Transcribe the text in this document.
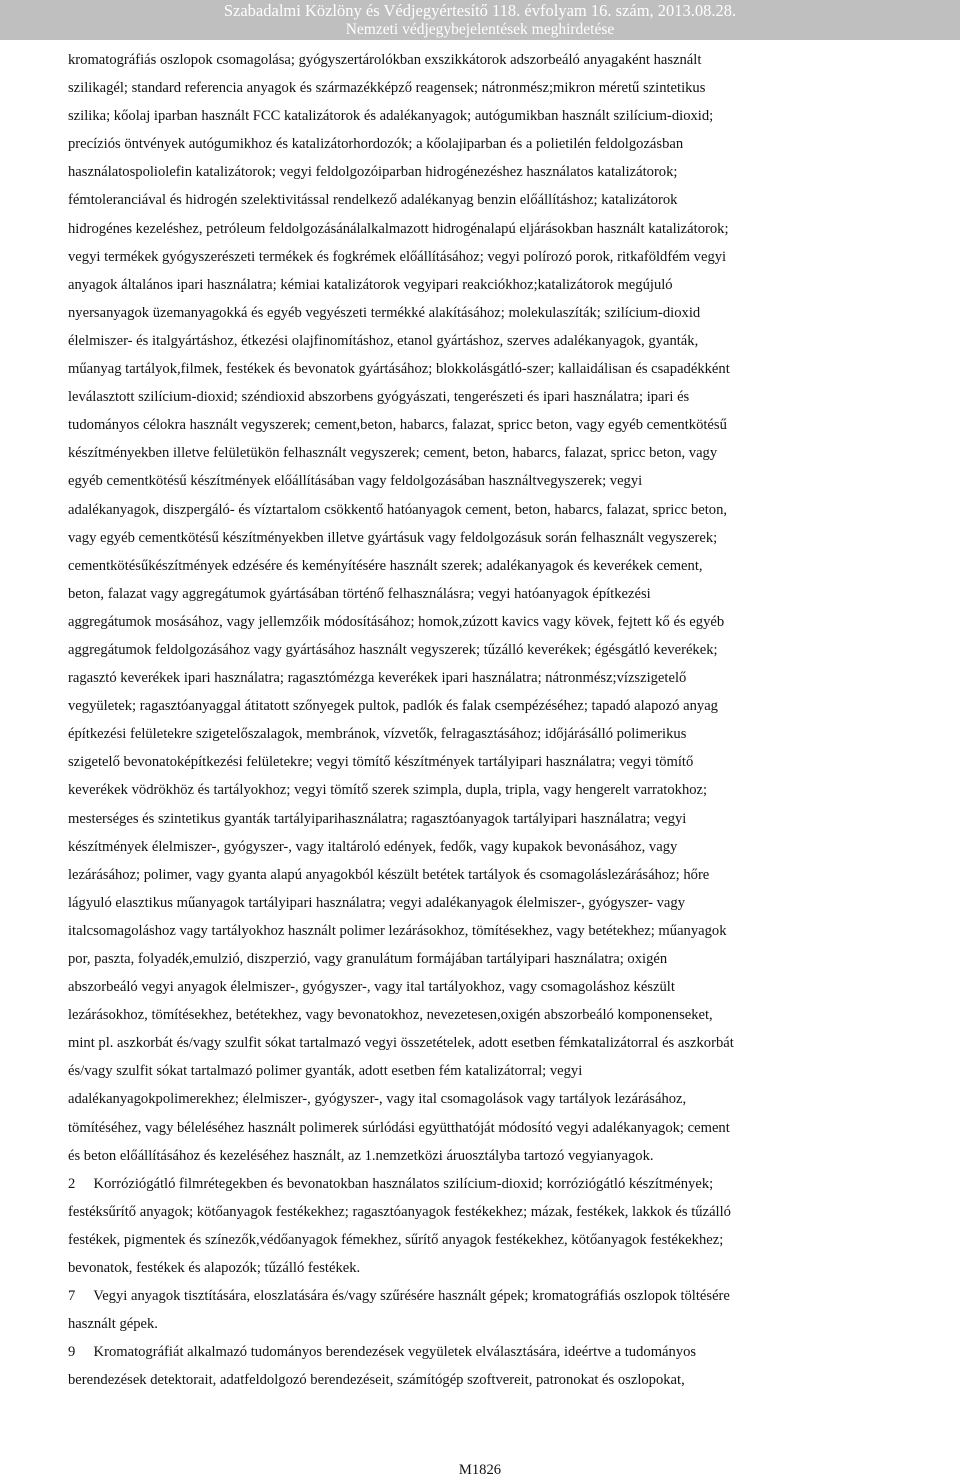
Szabadalmi Közlöny és Védjegyértesítő 118. évfolyam 16. szám, 2013.08.28.
Nemzeti védjegybejelentések meghirdetése
kromatográfiás oszlopok csomagolása; gyógyszertárolókban exszikkátorok adszorbeáló anyagaként használt
szilikagél; standard referencia anyagok és származékképző reagensek; nátronmész;mikron méretű szintetikus
szilika; kőolaj iparban használt FCC katalizátorok és adalékanyagok; autógumikban használt szilícium-dioxid;
precíziós öntvények autógumikhoz és katalizátorhordozók; a kőolajiparban és a polietilén feldolgozásban
használatospoliolefin katalizátorok; vegyi feldolgozóiparban hidrogénezéshez használatos katalizátorok;
fémtoleranciával és hidrogén szelektivitással rendelkező adalékanyag benzin előállításhoz; katalizátorok
hidrogénes kezeléshez, petróleum feldolgozásánálalkalmazott hidrogénalapú eljárásokban használt katalizátorok;
vegyi termékek gyógyszerészeti termékek és fogkrémek előállításához; vegyi polírozó porok, ritkaföldfém vegyi
anyagok általános ipari használatra; kémiai katalizátorok vegyipari reakciókhoz;katalizátorok megújuló
nyersanyagok üzemanyagokká és egyéb vegyészeti termékké alakításához; molekulaszíták; szilícium-dioxid
élelmiszer- és italgyártáshoz, étkezési olajfinomításhoz, etanol gyártáshoz, szerves adalékanyagok, gyanták,
műanyag tartályok,filmek, festékek és bevonatok gyártásához; blokkolásgátló-szer; kallaidálisan és csapadékként
leválasztott szilícium-dioxid; széndioxid abszorbens gyógyászati, tengerészeti és ipari használatra; ipari és
tudományos célokra használt vegyszerek; cement,beton, habarcs, falazat, spricc beton, vagy egyéb cementkötésű
készítményekben illetve felületükön felhasznált vegyszerek; cement, beton, habarcs, falazat, spricc beton, vagy
egyéb cementkötésű készítmények előállításában vagy feldolgozásában használtvegyszerek; vegyi
adalékanyagok, diszpergáló- és víztartalom csökkentő hatóanyagok cement, beton, habarcs, falazat, spricc beton,
vagy egyéb cementkötésű készítményekben illetve gyártásuk vagy feldolgozásuk során felhasznált vegyszerek;
cementkötésűkészítmények edzésére és keményítésére használt szerek; adalékanyagok és keverékek cement,
beton, falazat vagy aggregátumok gyártásában történő felhasználásra; vegyi hatóanyagok építkezési
aggregátumok mosásához, vagy jellemzőik módosításához; homok,zúzott kavics vagy kövek, fejtett kő és egyéb
aggregátumok feldolgozásához vagy gyártásához használt vegyszerek; tűzálló keverékek; égésgátló keverékek;
ragasztó keverékek ipari használatra; ragasztómézga keverékek ipari használatra; nátronmész;vízszigetelő
vegyületek; ragasztóanyaggal átitatott szőnyegek pultok, padlók és falak csempézéséhez; tapadó alapozó anyag
építkezési felületekre szigetelőszalagok, membránok, vízvetők, felragasztásához; időjárásálló polimerikus
szigetelő bevonatoképítkezési felületekre; vegyi tömítő készítmények tartályipari használatra; vegyi tömítő
keverékek vödrökhöz és tartályokhoz; vegyi tömítő szerek szimpla, dupla, tripla, vagy hengerelt varratokhoz;
mesterséges és szintetikus gyanták tartályiparihasználatra; ragasztóanyagok tartályipari használatra; vegyi
készítmények élelmiszer-, gyógyszer-, vagy italtároló edények, fedők, vagy kupakok bevonásához, vagy
lezárásához; polimer, vagy gyanta alapú anyagokból készült betétek tartályok és csomagoláslezárásához; hőre
lágyuló elasztikus műanyagok tartályipari használatra; vegyi adalékanyagok élelmiszer-, gyógyszer- vagy
italcsomagoláshoz vagy tartályokhoz használt polimer lezárásokhoz, tömítésekhez, vagy betétekhez; műanyagok
por, paszta, folyadék,emulzió, diszperzió, vagy granulátum formájában tartályipari használatra; oxigén
abszorbeáló vegyi anyagok élelmiszer-, gyógyszer-, vagy ital tartályokhoz, vagy csomagoláshoz készült
lezárásokhoz, tömítésekhez, betétekhez, vagy bevonatokhoz, nevezetesen,oxigén abszorbeáló komponenseket,
mint pl. aszkorbát és/vagy szulfit sókat tartalmazó vegyi összetételek, adott esetben fémkatalizátorral és aszkorbát
és/vagy szulfit sókat tartalmazó polimer gyanták, adott esetben fém katalizátorral; vegyi
adalékanyagokpolimerekhez; élelmiszer-, gyógyszer-, vagy ital csomagolások vagy tartályok lezárásához,
tömítéséhez, vagy béleléséhez használt polimerek súrlódási együtthatóját módosító vegyi adalékanyagok; cement
és beton előállításához és kezeléséhez használt, az 1.nemzetközi áruosztályba tartozó vegyianyagok.
2     Korróziógátló filmrétegekben és bevonatokban használatos szilícium-dioxid; korróziógátló készítmények;
festéksűrítő anyagok; kötőanyagok festékekhez; ragasztóanyagok festékekhez; mázak, festékek, lakkok és tűzálló
festékek, pigmentek és színezők,védőanyagok fémekhez, sűrítő anyagok festékekhez, kötőanyagok festékekhez;
bevonatok, festékek és alapozók; tűzálló festékek.
7     Vegyi anyagok tisztítására, eloszlatására és/vagy szűrésére használt gépek; kromatográfiás oszlopok töltésére
használt gépek.
9     Kromatográfiát alkalmazó tudományos berendezések vegyületek elválasztására, ideértve a tudományos
berendezések detektorait, adatfeldolgozó berendezéseit, számítógép szoftvereit, patronokat és oszlopokat,
M1826
